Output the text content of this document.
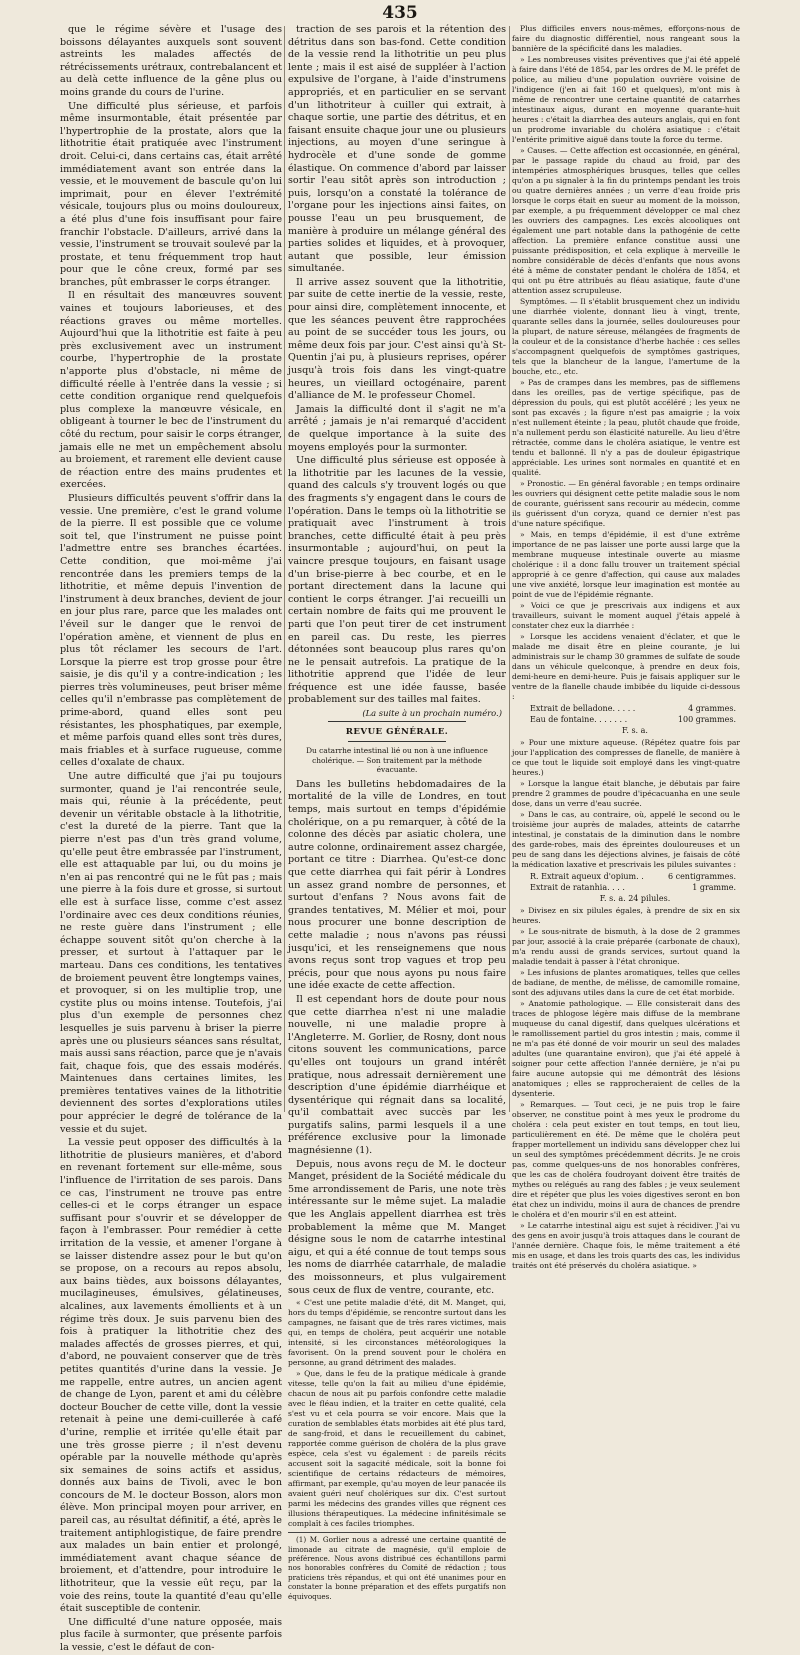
435

que le régime sévère et l'usage des boissons délayantes auxquels sont souvent astreints les malades affectés de rétrécissements urétraux, contrebalancent et au delà cette influence de la gêne plus ou moins grande du cours de l'urine.

Une difficulté plus sérieuse, et parfois même insurmontable, était présentée par l'hypertrophie de la prostate, alors que la lithotritie était pratiquée avec l'instrument droit. Celui-ci, dans certains cas, était arrêté immédiatement avant son entrée dans la vessie, et le mouvement de bascule qu'on lui imprimait, pour en élever l'extrémité vésicale, toujours plus ou moins douloureux, a été plus d'une fois insuffisant pour faire franchir l'obstacle. D'ailleurs, arrivé dans la vessie, l'instrument se trouvait soulevé par la prostate, et tenu fréquemment trop haut pour que le cône creux, formé par ses branches, pût embrasser le corps étranger.

Il en résultait des manœuvres souvent vaines et toujours laborieuses, et des réactions graves ou même mortelles. Aujourd'hui que la lithotritie est faite à peu près exclusivement avec un instrument courbe, l'hypertrophie de la prostate n'apporte plus d'obstacle, ni même de difficulté réelle à l'entrée dans la vessie ; si cette condition organique rend quelquefois plus complexe la manœuvre vésicale, en obligeant à tourner le bec de l'instrument du côté du rectum, pour saisir le corps étranger, jamais elle ne met un empêchement absolu au broiement, et rarement elle devient cause de réaction entre des mains prudentes et exercées.

Plusieurs difficultés peuvent s'offrir dans la vessie. Une première, c'est le grand volume de la pierre. Il est possible que ce volume soit tel, que l'instrument ne puisse point l'admettre entre ses branches écartées. Cette condition, que moi-même j'ai rencontrée dans les premiers temps de la lithotritie, et même depuis l'invention de l'instrument à deux branches, devient de jour en jour plus rare, parce que les malades ont l'éveil sur le danger que le renvoi de l'opération amène, et viennent de plus en plus tôt réclamer les secours de l'art. Lorsque la pierre est trop grosse pour être saisie, je dis qu'il y a contre-indication ; les pierres très volumineuses, peut briser même celles qu'il n'embrasse pas complètement de prime-abord, quand elles sont peu résistantes, les phosphatiques, par exemple, et même parfois quand elles sont très dures, mais friables et à surface rugueuse, comme celles d'oxalate de chaux.

Une autre difficulté que j'ai pu toujours surmonter, quand je l'ai rencontrée seule, mais qui, réunie à la précédente, peut devenir un véritable obstacle à la lithotritie, c'est la dureté de la pierre. Tant que la pierre n'est pas d'un très grand volume, qu'elle peut être embrassée par l'instrument, elle est attaquable par lui, ou du moins je n'en ai pas rencontré qui ne le fût pas ; mais une pierre à la fois dure et grosse, si surtout elle est à surface lisse, comme c'est assez l'ordinaire avec ces deux conditions réunies, ne reste guère dans l'instrument ; elle échappe souvent sitôt qu'on cherche à la presser, et surtout à l'attaquer par le marteau. Dans ces conditions, les tentatives de broiement peuvent être longtemps vaines, et provoquer, si on les multiplie trop, une cystite plus ou moins intense. Toutefois, j'ai plus d'un exemple de personnes chez lesquelles je suis parvenu à briser la pierre après une ou plusieurs séances sans résultat, mais aussi sans réaction, parce que je n'avais fait, chaque fois, que des essais modérés. Maintenues dans certaines limites, les premières tentatives vaines de la lithotritie deviennent des sortes d'explorations utiles pour apprécier le degré de tolérance de la vessie et du sujet.

La vessie peut opposer des difficultés à la lithotritie de plusieurs manières, et d'abord en revenant fortement sur elle-même, sous l'influence de l'irritation de ses parois. Dans ce cas, l'instrument ne trouve pas entre celles-ci et le corps étranger un espace suffisant pour s'ouvrir et se développer de façon à l'embrasser. Pour remédier à cette irritation de la vessie, et amener l'organe à se laisser distendre assez pour le but qu'on se propose, on a recours au repos absolu, aux bains tièdes, aux boissons délayantes, mucilagineuses, émulsives, gélatineuses, alcalines, aux lavements émollients et à un régime très doux. Je suis parvenu bien des fois à pratiquer la lithotritie chez des malades affectés de grosses pierres, et qui, d'abord, ne pouvaient conserver que de très petites quantités d'urine dans la vessie. Je me rappelle, entre autres, un ancien agent de change de Lyon, parent et ami du célèbre docteur Boucher de cette ville, dont la vessie retenait à peine une demi-cuillerée à café d'urine, remplie et irritée qu'elle était par une très grosse pierre ; il n'est devenu opérable par la nouvelle méthode qu'après six semaines de soins actifs et assidus, donnés aux bains de Tivoli, avec le bon concours de M. le docteur Bosson, alors mon élève. Mon principal moyen pour arriver, en pareil cas, au résultat définitif, a été, après le traitement antiphlogistique, de faire prendre aux malades un bain entier et prolongé, immédiatement avant chaque séance de broiement, et d'attendre, pour introduire le lithotriteur, que la vessie eût reçu, par la voie des reins, toute la quantité d'eau qu'elle était susceptible de contenir.

Une difficulté d'une nature opposée, mais plus facile à surmonter, que présente parfois la vessie, c'est le défaut de con-

traction de ses parois et la rétention des détritus dans son bas-fond. Cette condition de la vessie rend la lithotritie un peu plus lente ; mais il est aisé de suppléer à l'action expulsive de l'organe, à l'aide d'instrumens appropriés, et en particulier en se servant d'un lithotriteur à cuiller qui extrait, à chaque sortie, une partie des détritus, et en faisant ensuite chaque jour une ou plusieurs injections, au moyen d'une seringue à hydrocèle et d'une sonde de gomme élastique. On commence d'abord par laisser sortir l'eau sitôt après son introduction ; puis, lorsqu'on a constaté la tolérance de l'organe pour les injections ainsi faites, on pousse l'eau un peu brusquement, de manière à produire un mélange général des parties solides et liquides, et à provoquer, autant que possible, leur émission simultanée.

Il arrive assez souvent que la lithotritie, par suite de cette inertie de la vessie, reste, pour ainsi dire, complètement innocente, et que les séances peuvent être rapprochées au point de se succéder tous les jours, ou même deux fois par jour. C'est ainsi qu'à St-Quentin j'ai pu, à plusieurs reprises, opérer jusqu'à trois fois dans les vingt-quatre heures, un vieillard octogénaire, parent d'alliance de M. le professeur Chomel.

Jamais la difficulté dont il s'agit ne m'a arrêté ; jamais je n'ai remarqué d'accident de quelque importance à la suite des moyens employés pour la surmonter.

Une difficulté plus sérieuse est opposée à la lithotritie par les lacunes de la vessie, quand des calculs s'y trouvent logés ou que des fragments s'y engagent dans le cours de l'opération. Dans le temps où la lithotritie se pratiquait avec l'instrument à trois branches, cette difficulté était à peu près insurmontable ; aujourd'hui, on peut la vaincre presque toujours, en faisant usage d'un brise-pierre à bec courbe, et en le portant directement dans la lacune qui contient le corps étranger. J'ai recueilli un certain nombre de faits qui me prouvent le parti que l'on peut tirer de cet instrument en pareil cas. Du reste, les pierres détonnées sont beaucoup plus rares qu'on ne le pensait autrefois. La pratique de la lithotritie apprend que l'idée de leur fréquence est une idée fausse, basée probablement sur des tailles mal faites.

(La suite à un prochain numéro.)
REVUE GÉNÉRALE.
Du catarrhe intestinal lié ou non à une influence cholérique. — Son traitement par la méthode évacuante.

Dans les bulletins hebdomadaires de la mortalité de la ville de Londres, en tout temps, mais surtout en temps d'épidémie cholérique, on a pu remarquer, à côté de la colonne des décès par asiatic cholera, une autre colonne, ordinairement assez chargée, portant ce titre : Diarrhea. Qu'est-ce donc que cette diarrhea qui fait périr à Londres un assez grand nombre de personnes, et surtout d'enfans ? Nous avons fait de grandes tentatives, M. Mélier et moi, pour nous procurer une bonne description de cette maladie ; nous n'avons pas réussi jusqu'ici, et les renseignemens que nous avons reçus sont trop vagues et trop peu précis, pour que nous ayons pu nous faire une idée exacte de cette affection.

Il est cependant hors de doute pour nous que cette diarrhea n'est ni une maladie nouvelle, ni une maladie propre à l'Angleterre. M. Gorlier, de Rosny, dont nous citons souvent les communications, parce qu'elles ont toujours un grand intérêt pratique, nous adressait dernièrement une description d'une épidémie diarrhéique et dysentérique qui régnait dans sa localité, qu'il combattait avec succès par les purgatifs salins, parmi lesquels il a une préférence exclusive pour la limonade magnésienne (1).

Depuis, nous avons reçu de M. le docteur Manget, président de la Société médicale du 5me arrondissement de Paris, une note très intéressante sur le même sujet. La maladie que les Anglais appellent diarrhea est très probablement la même que M. Manget désigne sous le nom de catarrhe intestinal aigu, et qui a été connue de tout temps sous les noms de diarrhée catarrhale, de maladie des moissonneurs, et plus vulgairement sous ceux de flux de ventre, courante, etc.

« C'est une petite maladie d'été, dit M. Manget, qui, hors du temps d'épidémie, se rencontre surtout dans les campagnes, ne faisant que de très rares victimes, mais qui, en temps de choléra, peut acquérir une notable intensité, si les circonstances météorologiques la favorisent. On la prend souvent pour le choléra en personne, au grand détriment des malades.

» Que, dans le feu de la pratique médicale à grande vitesse, telle qu'on la fait au milieu d'une épidémie, chacun de nous ait pu parfois confondre cette maladie avec le fléau indien, et la traiter en cette qualité, cela s'est vu et cela pourra se voir encore. Mais que la curation de semblables états morbides ait été plus tard, de sang-froid, et dans le recueillement du cabinet, rapportée comme guérison de choléra de la plus grave espèce, cela s'est vu également : de pareils récits accusent soit la sagacité médicale, soit la bonne foi scientifique de certains rédacteurs de mémoires, affirmant, par exemple, qu'au moyen de leur panacée ils avaient guéri neuf cholériques sur dix. C'est surtout parmi les médecins des grandes villes que régnent ces illusions thérapeutiques. La médecine infinitésimale se complaît à ces faciles triomphes.

(1) M. Gorlier nous a adressé une certaine quantité de limonade au citrate de magnésie, qu'il emploie de préférence. Nous avons distribué ces échantillons parmi nos honorables confrères du Comité de rédaction ; tous praticiens très répandus, et qui ont été unanimes pour en constater la bonne préparation et des effets purgatifs non équivoques.

Plus difficiles envers nous-mêmes, efforçons-nous de faire du diagnostic différentiel, nous rangeant sous la bannière de la spécificité dans les maladies.

» Les nombreuses visites préventives que j'ai été appelé à faire dans l'été de 1854, par les ordres de M. le préfet de police, au milieu d'une population ouvrière voisine de l'indigence (j'en ai fait 160 et quelques), m'ont mis à même de rencontrer une certaine quantité de catarrhes intestinaux aigus, durant en moyenne quarante-huit heures : c'était la diarrhea des auteurs anglais, qui en font un prodrome invariable du choléra asiatique : c'était l'entérite primitive aiguë dans toute la force du terme.

» Causes. — Cette affection est occasionnée, en général, par le passage rapide du chaud au froid, par des intempéries atmosphériques brusques, telles que celles qu'on a pu signaler à la fin du printemps pendant les trois ou quatre dernières années ; un verre d'eau froide pris lorsque le corps était en sueur au moment de la moisson, par exemple, a pu fréquemment développer ce mal chez les ouvriers des campagnes. Les excès alcooliques ont également une part notable dans la pathogénie de cette affection. La première enfance constitue aussi une puissante prédisposition, et cela explique à merveille le nombre considérable de décès d'enfants que nous avons été à même de constater pendant le choléra de 1854, et qui ont pu être attribués au fléau asiatique, faute d'une attention assez scrupuleuse.

Symptômes. — Il s'établit brusquement chez un individu une diarrhée violente, donnant lieu à vingt, trente, quarante selles dans la journée, selles douloureuses pour la plupart, de nature séreuse, mélangées de fragments de la couleur et de la consistance d'herbe hachée : ces selles s'accompagnent quelquefois de symptômes gastriques, tels que la blancheur de la langue, l'amertume de la bouche, etc., etc.

» Pas de crampes dans les membres, pas de sifflemens dans les oreilles, pas de vertige spécifique, pas de dépression du pouls, qui est plutôt accéléré ; les yeux ne sont pas excavés ; la figure n'est pas amaigrie ; la voix n'est nullement éteinte ; la peau, plutôt chaude que froide, n'a nullement perdu son élasticité naturelle. Au lieu d'être rétractée, comme dans le choléra asiatique, le ventre est tendu et ballonné. Il n'y a pas de douleur épigastrique appréciable. Les urines sont normales en quantité et en qualité.

» Pronostic. — En général favorable ; en temps ordinaire les ouvriers qui désignent cette petite maladie sous le nom de courante, guérissent sans recourir au médecin, comme ils guérissent d'un coryza, quand ce dernier n'est pas d'une nature spécifique.

» Mais, en temps d'épidémie, il est d'une extrême importance de ne pas laisser une porte aussi large que la membrane muqueuse intestinale ouverte au miasme cholérique : il a donc fallu trouver un traitement spécial approprié à ce genre d'affection, qui cause aux malades une vive anxiété, lorsque leur imagination est montée au point de vue de l'épidémie régnante.

» Voici ce que je prescrivais aux indigens et aux travailleurs, suivant le moment auquel j'étais appelé à constater chez eux la diarrhée :

» Lorsque les accidens venaient d'éclater, et que le malade me disait être en pleine courante, je lui administrais sur le champ 30 grammes de sulfate de soude dans un véhicule quelconque, à prendre en deux fois, demi-heure en demi-heure. Puis je faisais appliquer sur le ventre de la flanelle chaude imbibée du liquide ci-dessous :

Extrait de belladone. . . . .	4 grammes.
Eau de fontaine. . . . . . .	100 grammes.
F. s. a.

» Pour une mixture aqueuse. (Répétez quatre fois par jour l'application des compresses de flanelle, de manière à ce que tout le liquide soit employé dans les vingt-quatre heures.)

» Lorsque la langue était blanche, je débutais par faire prendre 2 grammes de poudre d'ipécacuanha en une seule dose, dans un verre d'eau sucrée.

» Dans le cas, au contraire, où, appelé le second ou le troisième jour auprès de malades, atteints de catarrhe intestinal, je constatais de la diminution dans le nombre des garde-robes, mais des épreintes douloureuses et un peu de sang dans les déjections alvines, je faisais de côté la médication laxative et prescrivais les pilules suivantes :

R. Extrait aqueux d'opium. .	6 centigrammes.
Extrait de ratanhia. . . .	1 gramme.
F. s. a. 24 pilules.

» Divisez en six pilules égales, à prendre de six en six heures.

» Le sous-nitrate de bismuth, à la dose de 2 grammes par jour, associé à la craie préparée (carbonate de chaux), m'a rendu aussi de grands services, surtout quand la maladie tendait à passer à l'état chronique.

» Les infusions de plantes aromatiques, telles que celles de badiane, de menthe, de mélisse, de camomille romaine, sont des adjuvans utiles dans la cure de cet état morbide.

» Anatomie pathologique. — Elle consisterait dans des traces de phlogose légère mais diffuse de la membrane muqueuse du canal digestif, dans quelques ulcérations et le ramollissement partiel du gros intestin ; mais, comme il ne m'a pas été donné de voir mourir un seul des malades adultes (une quarantaine environ), que j'ai été appelé à soigner pour cette affection l'année dernière, je n'ai pu faire aucune autopsie qui me démontrât des lésions anatomiques ; elles se rapprocheraient de celles de la dysenterie.

» Remarques. — Tout ceci, je ne puis trop le faire observer, ne constitue point à mes yeux le prodrome du choléra : cela peut exister en tout temps, en tout lieu, particulièrement en été. De même que le choléra peut frapper mortellement un individu sans développer chez lui un seul des symptômes précédemment décrits. Je ne crois pas, comme quelques-uns de nos honorables confrères, que les cas de choléra foudroyant doivent être traités de mythes ou relégués au rang des fables ; je veux seulement dire et répéter que plus les voies digestives seront en bon état chez un individu, moins il aura de chances de prendre le choléra et d'en mourir s'il en est atteint.

» Le catarrhe intestinal aigu est sujet à récidiver. J'ai vu des gens en avoir jusqu'à trois attaques dans le courant de l'année dernière. Chaque fois, le même traitement a été mis en usage, et dans les trois quarts des cas, les individus traités ont été préservés du choléra asiatique. »
